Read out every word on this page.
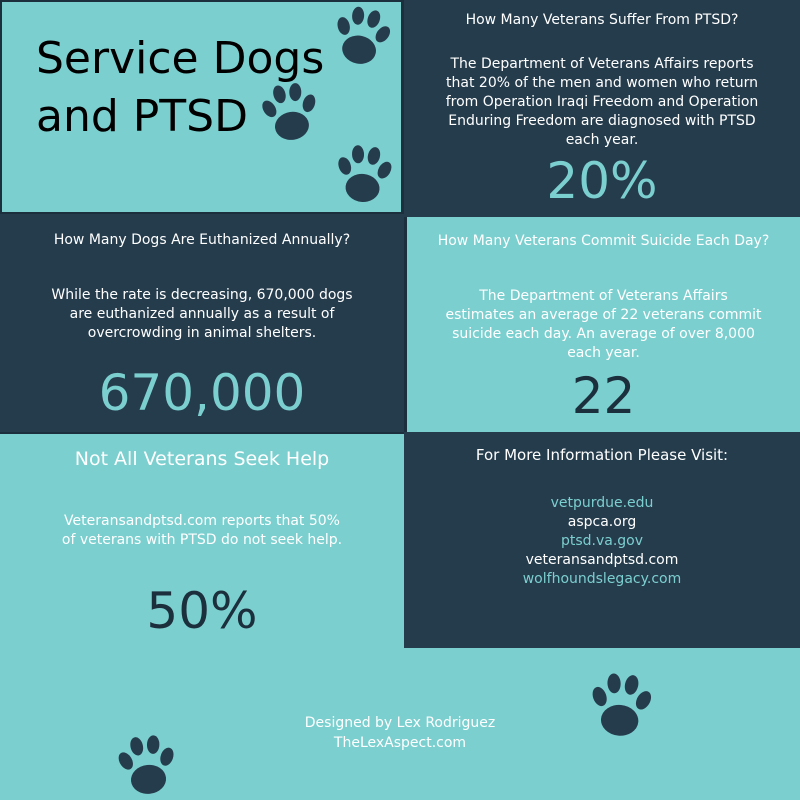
Service Dogs
and PTSD

How Many Veterans Suffer From PTSD?

The Department of Veterans Affairs reports that 20% of the men and women who return from Operation Iraqi Freedom and Operation Enduring Freedom are diagnosed with PTSD each year.

20%

How Many Dogs Are Euthanized Annually?

While the rate is decreasing, 670,000 dogs are euthanized annually as a result of overcrowding in animal shelters.

670,000

How Many Veterans Commit Suicide Each Day?

The Department of Veterans Affairs estimates an average of 22 veterans commit suicide each day. An average of over 8,000 each year.

22

Not All Veterans Seek Help

Veteransandptsd.com reports that 50% of veterans with PTSD do not seek help.

50%

For More Information Please Visit:

vetpurdue.edu
aspca.org
ptsd.va.gov
veteransandptsd.com
wolfhoundslegacy.com

Designed by Lex Rodriguez
TheLexAspect.com
